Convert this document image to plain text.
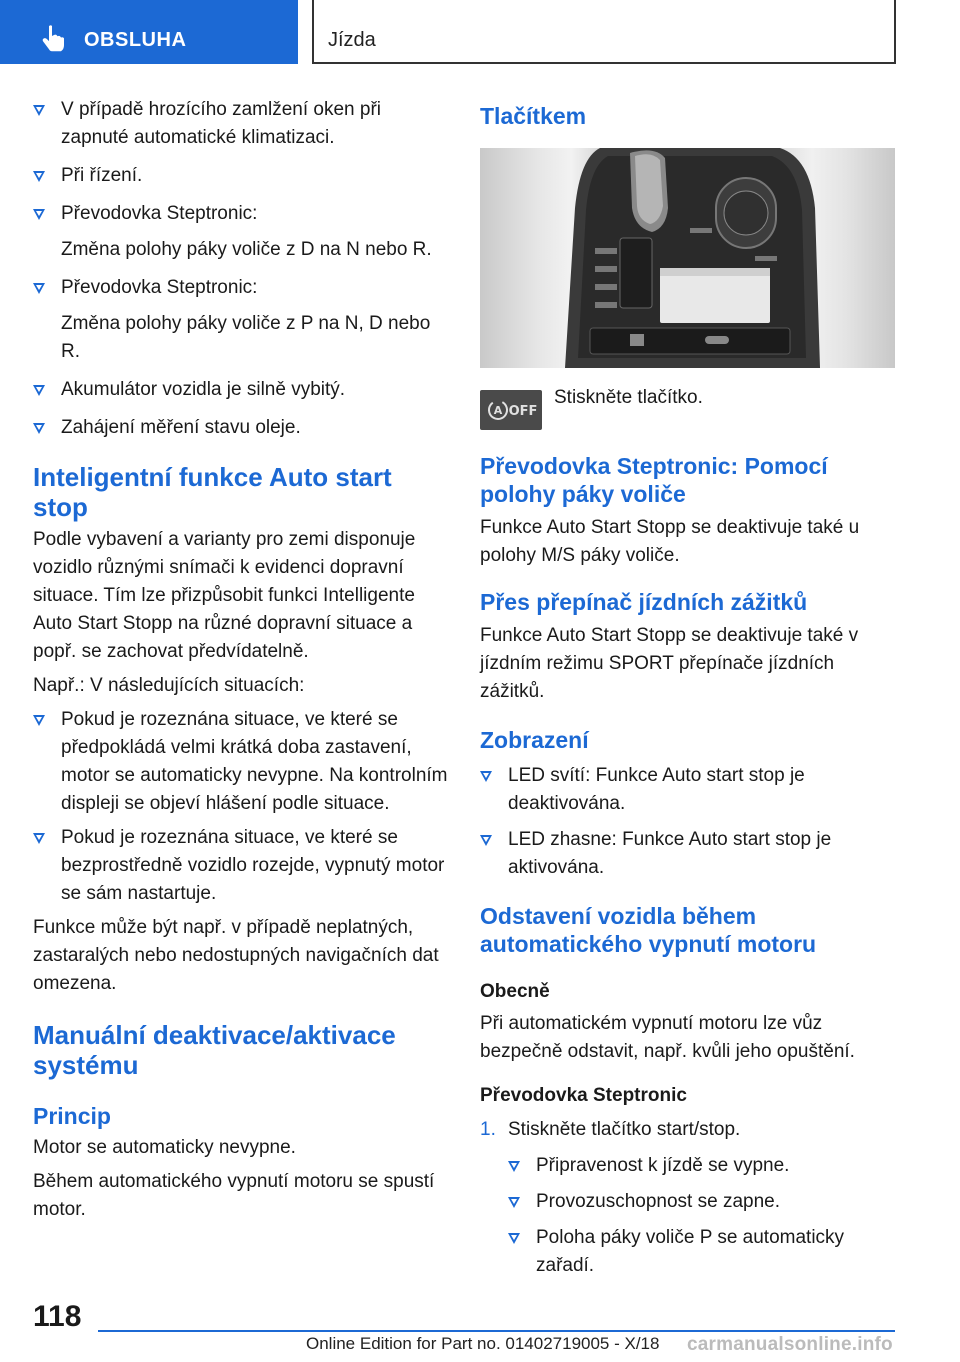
OBSLUHA	Jízda
V případě hrozícího zamlžení oken při zapnuté automatické klimatizaci.
Při řízení.
Převodovka Steptronic:
Změna polohy páky voliče z D na N nebo R.
Převodovka Steptronic:
Změna polohy páky voliče z P na N, D nebo R.
Akumulátor vozidla je silně vybitý.
Zahájení měření stavu oleje.
Inteligentní funkce Auto start stop

Podle vybavení a varianty pro zemi disponuje vozidlo různými snímači k evidenci dopravní situace. Tím lze přizpůsobit funkci Intelligente Auto Start Stopp na různé dopravní situace a popř. se zachovat předvídatelně.

Např.: V následujících situacích:

Pokud je rozeznána situace, ve které se předpokládá velmi krátká doba zastavení, motor se automaticky nevypne. Na kontrolním displeji se objeví hlášení podle situace.
Pokud je rozeznána situace, ve které se bezprostředně vozidlo rozejde, vypnutý motor se sám nastartuje.

Funkce může být např. v případě neplatných, zastaralých nebo nedostupných navigačních dat omezena.

Manuální deaktivace/aktivace systému
Princip

Motor se automaticky nevypne.

Během automatického vypnutí motoru se spustí motor.

Tlačítkem
A OFF

Stiskněte tlačítko.

Převodovka Steptronic: Pomocí polohy páky voliče

Funkce Auto Start Stopp se deaktivuje také u polohy M/S páky voliče.

Přes přepínač jízdních zážitků

Funkce Auto Start Stopp se deaktivuje také v jízdním režimu SPORT přepínače jízdních zážitků.

Zobrazení
LED svítí: Funkce Auto start stop je deaktivována.
LED zhasne: Funkce Auto start stop je aktivována.
Odstavení vozidla během automatického vypnutí motoru
Obecně

Při automatickém vypnutí motoru lze vůz bezpečně odstavit, např. kvůli jeho opuštění.

Převodovka Steptronic
1. Stiskněte tlačítko start/stop.
Připravenost k jízdě se vypne.
Provozuschopnost se zapne.
Poloha páky voliče P se automaticky zařadí.
118
Online Edition for Part no. 01402719005 - X/18 carmanualsonline.info
